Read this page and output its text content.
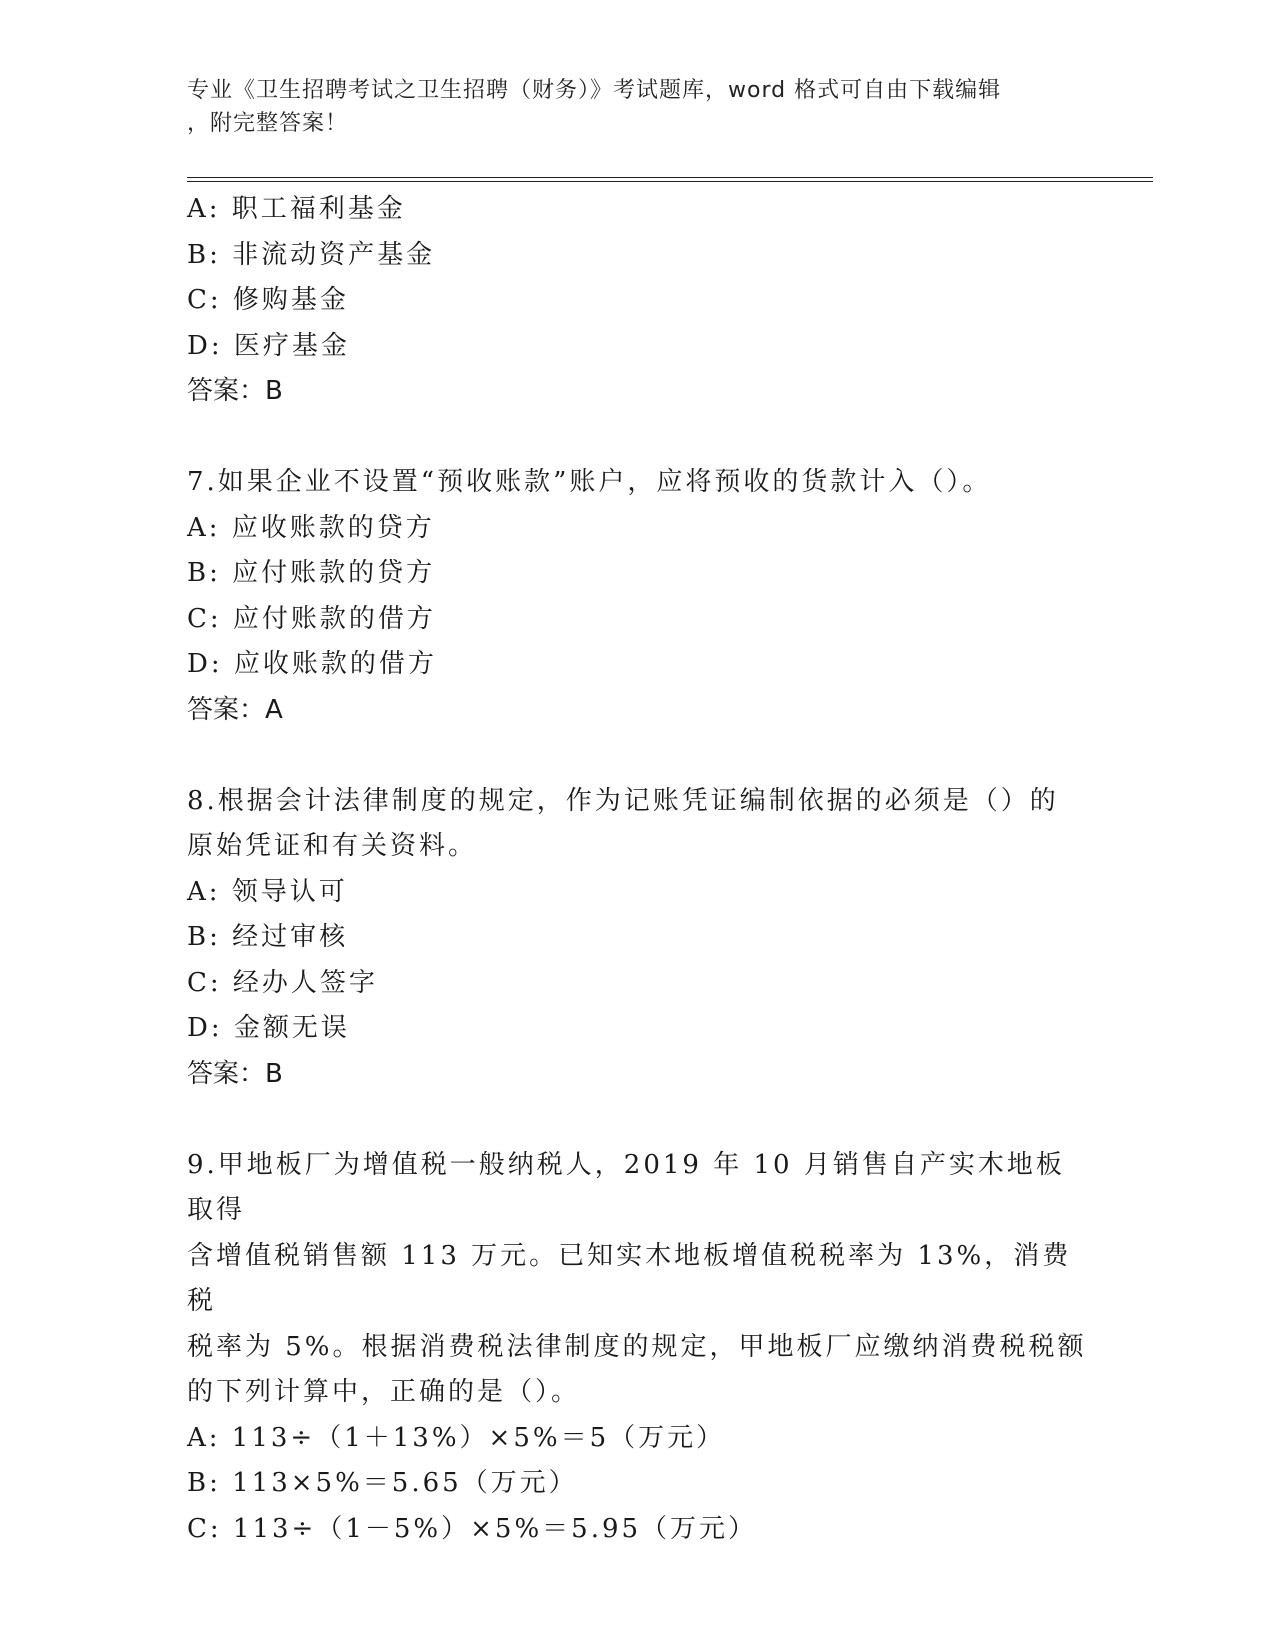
专业《卫生招聘考试之卫生招聘（财务）》考试题库，word 格式可自由下载编辑
，附完整答案！
A: 职工福利基金
B: 非流动资产基金
C: 修购基金
D: 医疗基金
答案：B
7.如果企业不设置“预收账款”账户，应将预收的货款计入（）。
A: 应收账款的贷方
B: 应付账款的贷方
C: 应付账款的借方
D: 应收账款的借方
答案：A
8.根据会计法律制度的规定，作为记账凭证编制依据的必须是（）的
原始凭证和有关资料。
A: 领导认可
B: 经过审核
C: 经办人签字
D: 金额无误
答案：B
9.甲地板厂为增值税一般纳税人，2019 年 10 月销售自产实木地板取得
含增值税销售额 113 万元。已知实木地板增值税税率为 13%，消费税
税率为 5%。根据消费税法律制度的规定，甲地板厂应缴纳消费税税额
的下列计算中，正确的是（）。
A: 113÷（1＋13%）×5%＝5（万元）
B: 113×5%＝5.65（万元）
C: 113÷（1－5%）×5%＝5.95（万元）
